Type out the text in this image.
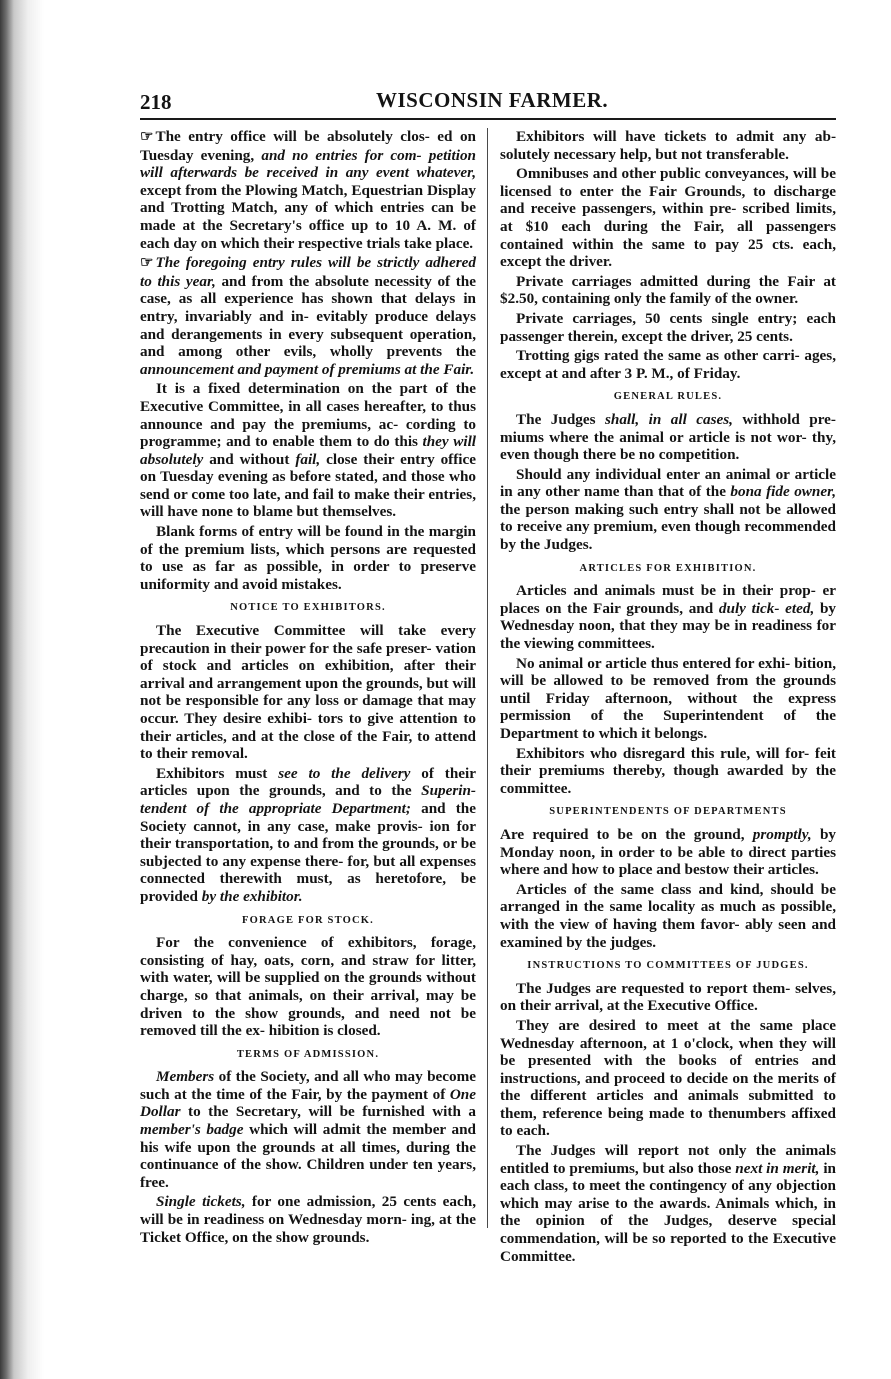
218	WISCONSIN FARMER.

☞ The entry office will be absolutely clos- ed on Tuesday evening, and no entries for com- petition will afterwards be received in any event whatever, except from the Plowing Match, Equestrian Display and Trotting Match, any of which entries can be made at the Secretary's office up to 10 A. M. of each day on which their respective trials take place.

☞ The foregoing entry rules will be strictly adhered to this year, and from the absolute necessity of the case, as all experience has shown that delays in entry, invariably and in- evitably produce delays and derangements in every subsequent operation, and among other evils, wholly prevents the announcement and payment of premiums at the Fair.

It is a fixed determination on the part of the Executive Committee, in all cases hereafter, to thus announce and pay the premiums, ac- cording to programme; and to enable them to do this they will absolutely and without fail, close their entry office on Tuesday evening as before stated, and those who send or come too late, and fail to make their entries, will have none to blame but themselves.

Blank forms of entry will be found in the margin of the premium lists, which persons are requested to use as far as possible, in order to preserve uniformity and avoid mistakes.

NOTICE TO EXHIBITORS.

The Executive Committee will take every precaution in their power for the safe preser- vation of stock and articles on exhibition, after their arrival and arrangement upon the grounds, but will not be responsible for any loss or damage that may occur. They desire exhibi- tors to give attention to their articles, and at the close of the Fair, to attend to their removal.

Exhibitors must see to the delivery of their articles upon the grounds, and to the Superin- tendent of the appropriate Department; and the Society cannot, in any case, make provis- ion for their transportation, to and from the grounds, or be subjected to any expense there- for, but all expenses connected therewith must, as heretofore, be provided by the exhibitor.

FORAGE FOR STOCK.

For the convenience of exhibitors, forage, consisting of hay, oats, corn, and straw for litter, with water, will be supplied on the grounds without charge, so that animals, on their arrival, may be driven to the show grounds, and need not be removed till the ex- hibition is closed.

TERMS OF ADMISSION.

Members of the Society, and all who may become such at the time of the Fair, by the payment of One Dollar to the Secretary, will be furnished with a member's badge which will admit the member and his wife upon the grounds at all times, during the continuance of the show. Children under ten years, free.

Single tickets, for one admission, 25 cents each, will be in readiness on Wednesday morn- ing, at the Ticket Office, on the show grounds.

Exhibitors will have tickets to admit any ab- solutely necessary help, but not transferable.

Omnibuses and other public conveyances, will be licensed to enter the Fair Grounds, to discharge and receive passengers, within pre- scribed limits, at $10 each during the Fair, all passengers contained within the same to pay 25 cts. each, except the driver.

Private carriages admitted during the Fair at $2.50, containing only the family of the owner.

Private carriages, 50 cents single entry; each passenger therein, except the driver, 25 cents.

Trotting gigs rated the same as other carri- ages, except at and after 3 P. M., of Friday.

GENERAL RULES.

The Judges shall, in all cases, withhold pre- miums where the animal or article is not wor- thy, even though there be no competition.

Should any individual enter an animal or article in any other name than that of the bona fide owner, the person making such entry shall not be allowed to receive any premium, even though recommended by the Judges.

ARTICLES FOR EXHIBITION.

Articles and animals must be in their prop- er places on the Fair grounds, and duly tick- eted, by Wednesday noon, that they may be in readiness for the viewing committees.

No animal or article thus entered for exhi- bition, will be allowed to be removed from the grounds until Friday afternoon, without the express permission of the Superintendent of the Department to which it belongs.

Exhibitors who disregard this rule, will for- feit their premiums thereby, though awarded by the committee.

SUPERINTENDENTS OF DEPARTMENTS

Are required to be on the ground, promptly, by Monday noon, in order to be able to direct parties where and how to place and bestow their articles.

Articles of the same class and kind, should be arranged in the same locality as much as possible, with the view of having them favor- ably seen and examined by the judges.

INSTRUCTIONS TO COMMITTEES OF JUDGES.

The Judges are requested to report them- selves, on their arrival, at the Executive Office.

They are desired to meet at the same place Wednesday afternoon, at 1 o'clock, when they will be presented with the books of entries and instructions, and proceed to decide on the merits of the different articles and animals submitted to them, reference being made to thenumbers affixed to each.

The Judges will report not only the animals entitled to premiums, but also those next in merit, in each class, to meet the contingency of any objection which may arise to the awards. Animals which, in the opinion of the Judges, deserve special commendation, will be so reported to the Executive Committee.
